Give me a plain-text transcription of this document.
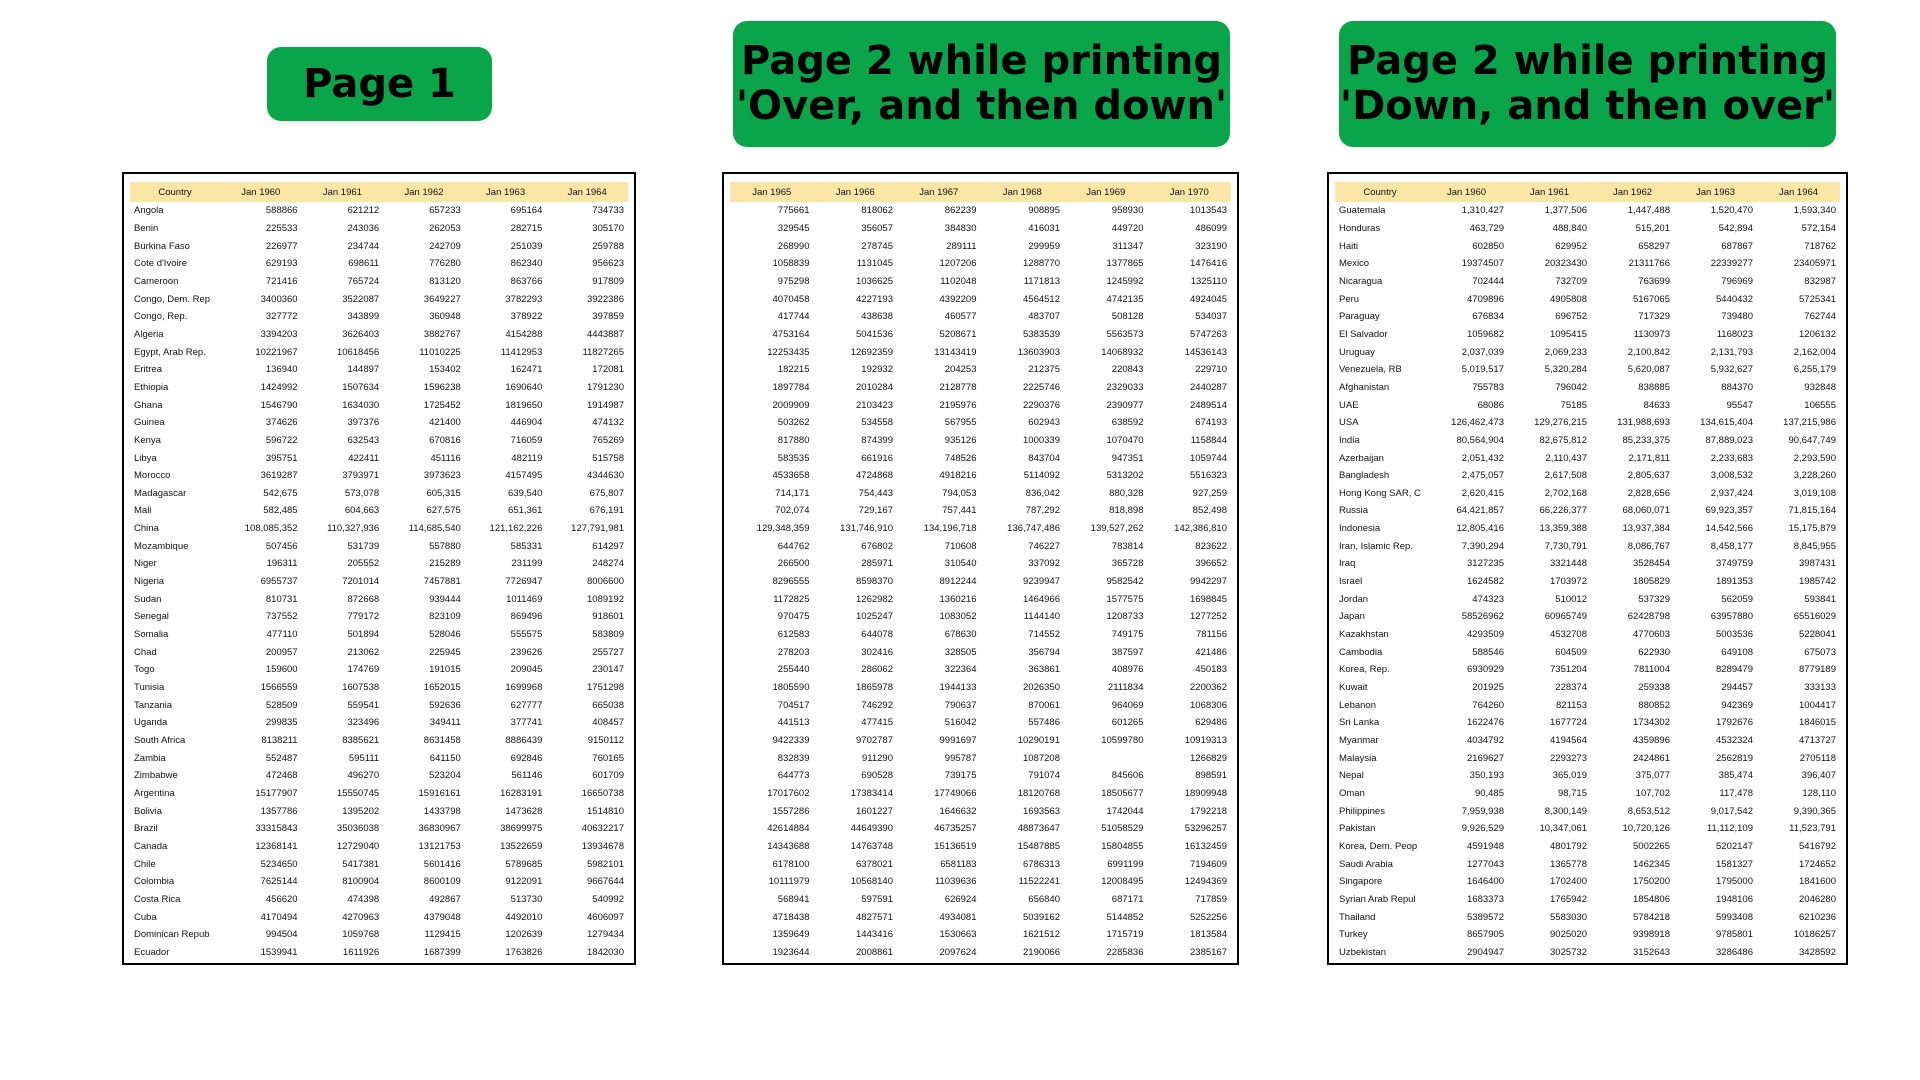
Page 1	Page 2 while printing
'Over, and then down'
Page 2 while printing
'Down, and then over'
Country	Jan 1960	Jan 1961	Jan 1962	Jan 1963	Jan 1964
Angola	588866	621212	657233	695164	734733
Benin	225533	243036	262053	282715	305170
Burkina Faso	226977	234744	242709	251039	259788
Cote d'Ivoire	629193	698611	776280	862340	956623
Cameroon	721416	765724	813120	863766	917809
Congo, Dem. Rep	3400360	3522087	3649227	3782293	3922386
Congo, Rep.	327772	343899	360948	378922	397859
Algeria	3394203	3626403	3882767	4154288	4443887
Egypt, Arab Rep.	10221967	10618456	11010225	11412953	11827265
Eritrea	136940	144897	153402	162471	172081
Ethiopia	1424992	1507634	1596238	1690640	1791230
Ghana	1546790	1634030	1725452	1819650	1914987
Guinea	374626	397376	421400	446904	474132
Kenya	596722	632543	670816	716059	765269
Libya	395751	422411	451116	482119	515758
Morocco	3619287	3793971	3973623	4157495	4344630
Madagascar	542,675	573,078	605,315	639,540	675,807
Mali	582,485	604,663	627,575	651,361	676,191
China	108,085,352	110,327,936	114,685,540	121,162,226	127,791,981
Mozambique	507456	531739	557880	585331	614297
Niger	196311	205552	215289	231199	248274
Nigeria	6955737	7201014	7457881	7726947	8006600
Sudan	810731	872668	939444	1011469	1089192
Senegal	737552	779172	823109	869496	918601
Somalia	477110	501894	528046	555575	583809
Chad	200957	213062	225945	239626	255727
Togo	159600	174769	191015	209045	230147
Tunisia	1566559	1607538	1652015	1699968	1751298
Tanzania	528509	559541	592636	627777	665038
Uganda	299835	323496	349411	377741	408457
South Africa	8138211	8385621	8631458	8886439	9150112
Zambia	552487	595111	641150	692846	760165
Zimbabwe	472468	496270	523204	561146	601709
Argentina	15177907	15550745	15916161	16283191	16650738
Bolivia	1357786	1395202	1433798	1473628	1514810
Brazil	33315843	35036038	36830967	38699975	40632217
Canada	12368141	12729040	13121753	13522659	13934678
Chile	5234650	5417381	5601416	5789685	5982101
Colombia	7625144	8100904	8600109	9122091	9667644
Costa Rica	456620	474398	492867	513730	540992
Cuba	4170494	4270963	4379048	4492010	4606097
Dominican Repub	994504	1059768	1129415	1202639	1279434
Ecuador	1539941	1611926	1687399	1763826	1842030
Jan 1965	Jan 1966	Jan 1967	Jan 1968	Jan 1969	Jan 1970
775661	818062	862239	908895	958930	1013543
329545	356057	384830	416031	449720	486099
268990	278745	289111	299959	311347	323190
1058839	1131045	1207206	1288770	1377865	1476416
975298	1036625	1102048	1171813	1245992	1325110
4070458	4227193	4392209	4564512	4742135	4924045
417744	438638	460577	483707	508128	534037
4753164	5041536	5208671	5383539	5563573	5747263
12253435	12692359	13143419	13603903	14068932	14536143
182215	192932	204253	212375	220843	229710
1897784	2010284	2128778	2225746	2329033	2440287
2009909	2103423	2195976	2290376	2390977	2489514
503262	534558	567955	602943	638592	674193
817880	874399	935126	1000339	1070470	1158844
583535	661916	748526	843704	947351	1059744
4533658	4724868	4918216	5114092	5313202	5516323
714,171	754,443	794,053	836,042	880,328	927,259
702,074	729,167	757,441	787,292	818,898	852,498
129,348,359	131,746,910	134,196,718	136,747,486	139,527,262	142,386,810
644762	676802	710608	746227	783814	823622
266500	285971	310540	337092	365728	396652
8296555	8598370	8912244	9239947	9582542	9942297
1172825	1262982	1360216	1464966	1577575	1698845
970475	1025247	1083052	1144140	1208733	1277252
612583	644078	678630	714552	749175	781156
278203	302416	328505	356794	387597	421486
255440	286062	322364	363861	408976	450183
1805590	1865978	1944133	2026350	2111834	2200362
704517	746292	790637	870061	964069	1068306
441513	477415	516042	557486	601265	629486
9422339	9702787	9991697	10290191	10599780	10919313
832839	911290	995787	1087208		1266829
644773	690528	739175	791074	845606	898591
17017602	17383414	17749066	18120768	18505677	18909948
1557286	1601227	1646632	1693563	1742044	1792218
42614884	44649390	46735257	48873647	51058529	53296257
14343688	14763748	15136519	15487885	15804855	16132459
6178100	6378021	6581183	6786313	6991199	7194609
10111979	10568140	11039636	11522241	12008495	12494369
568941	597591	626924	656840	687171	717859
4718438	4827571	4934081	5039162	5144852	5252256
1359649	1443416	1530663	1621512	1715719	1813584
1923644	2008861	2097624	2190066	2285836	2385167
Country	Jan 1960	Jan 1961	Jan 1962	Jan 1963	Jan 1964
Guatemala	1,310,427	1,377,506	1,447,488	1,520,470	1,593,340
Honduras	463,729	488,840	515,201	542,894	572,154
Haiti	602850	629952	658297	687867	718762
Mexico	19374507	20323430	21311766	22339277	23405971
Nicaragua	702444	732709	763699	796969	832987
Peru	4709896	4905808	5167065	5440432	5725341
Paraguay	676834	696752	717329	739480	762744
El Salvador	1059682	1095415	1130973	1168023	1206132
Uruguay	2,037,039	2,069,233	2,100,842	2,131,793	2,162,004
Venezuela, RB	5,019,517	5,320,284	5,620,087	5,932,627	6,255,179
Afghanistan	755783	796042	838885	884370	932848
UAE	68086	75185	84633	95547	106555
USA	126,462,473	129,276,215	131,988,693	134,615,404	137,215,986
India	80,564,904	82,675,812	85,233,375	87,889,023	90,647,749
Azerbaijan	2,051,432	2,110,437	2,171,811	2,233,683	2,293,590
Bangladesh	2,475,057	2,617,508	2,805,637	3,008,532	3,228,260
Hong Kong SAR, C	2,620,415	2,702,168	2,828,656	2,937,424	3,019,108
Russia	64,421,857	66,226,377	68,060,071	69,923,357	71,815,164
Indonesia	12,805,416	13,359,388	13,937,384	14,542,566	15,175,879
Iran, Islamic Rep.	7,390,294	7,730,791	8,086,767	8,458,177	8,845,955
Iraq	3127235	3321448	3528454	3749759	3987431
Israel	1624582	1703972	1805829	1891353	1985742
Jordan	474323	510012	537329	562059	593841
Japan	58526962	60965749	62428798	63957880	65516029
Kazakhstan	4293509	4532708	4770603	5003536	5228041
Cambodia	588546	604509	622930	649108	675073
Korea, Rep.	6930929	7351204	7811004	8289479	8779189
Kuwait	201925	228374	259338	294457	333133
Lebanon	764260	821153	880852	942369	1004417
Sri Lanka	1622476	1677724	1734302	1792676	1846015
Myanmar	4034792	4194564	4359896	4532324	4713727
Malaysia	2169627	2293273	2424861	2562819	2705118
Nepal	350,193	365,019	375,077	385,474	396,407
Oman	90,485	98,715	107,702	117,478	128,110
Philippines	7,959,938	8,300,149	8,653,512	9,017,542	9,390,365
Pakistan	9,926,529	10,347,061	10,720,126	11,112,109	11,523,791
Korea, Dem. Peop	4591948	4801792	5002265	5202147	5416792
Saudi Arabia	1277043	1365778	1462345	1581327	1724652
Singapore	1646400	1702400	1750200	1795000	1841600
Syrian Arab Repul	1683373	1765942	1854806	1948106	2046280
Thailand	5389572	5583030	5784218	5993408	6210236
Turkey	8657905	9025020	9398918	9785801	10186257
Uzbekistan	2904947	3025732	3152643	3286486	3428592
